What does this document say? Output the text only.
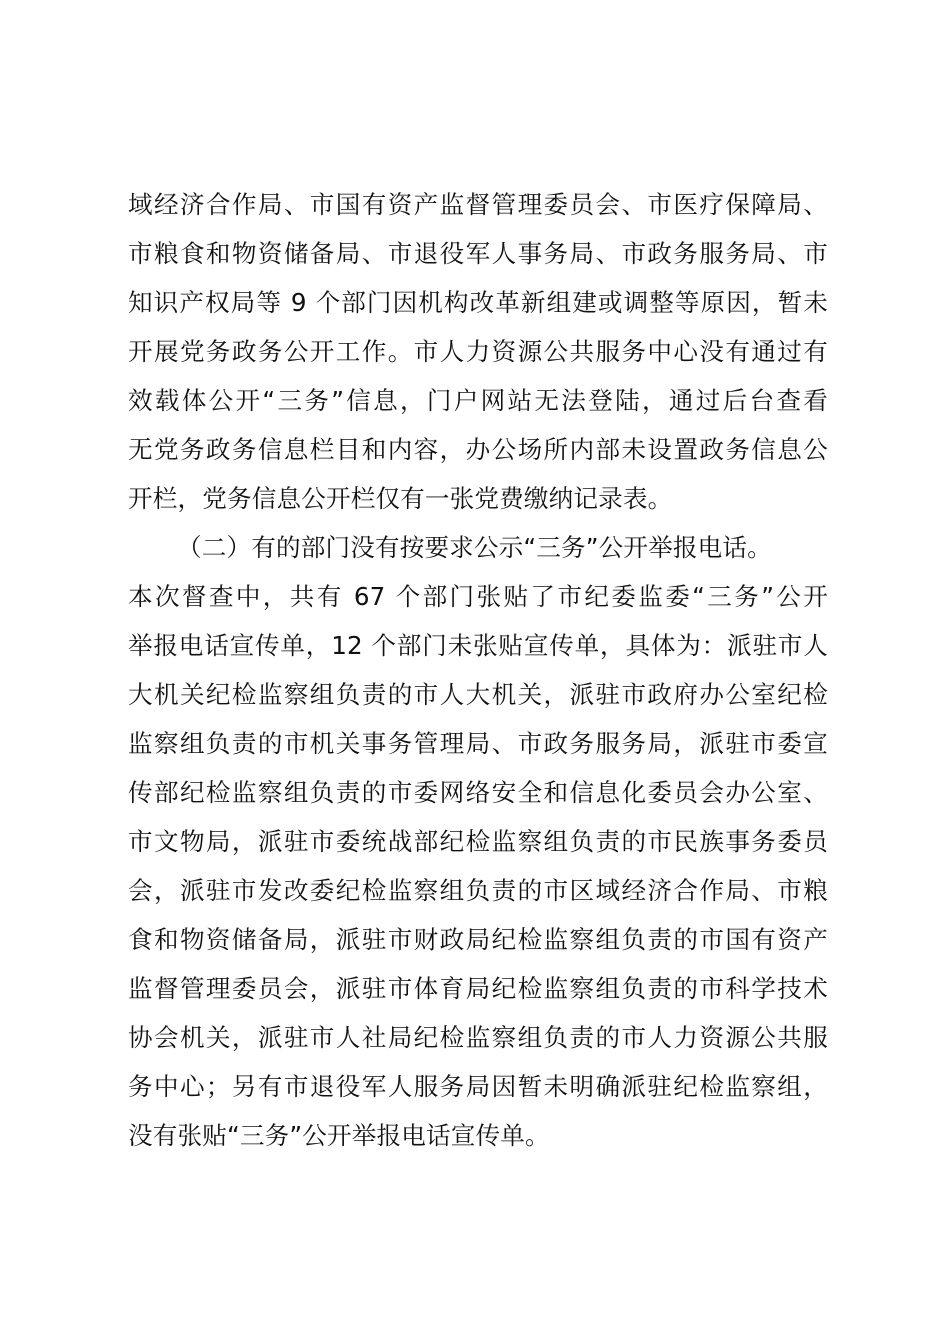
域经济合作局、市国有资产监督管理委员会、市医疗保障局、
市粮食和物资储备局、市退役军人事务局、市政务服务局、市
知识产权局等 9 个部门因机构改革新组建或调整等原因，暂未
开展党务政务公开工作。市人力资源公共服务中心没有通过有
效载体公开“三务”信息，门户网站无法登陆，通过后台查看
无党务政务信息栏目和内容，办公场所内部未设置政务信息公
开栏，党务信息公开栏仅有一张党费缴纳记录表。
（二）有的部门没有按要求公示“三务”公开举报电话。
本次督查中，共有 67 个部门张贴了市纪委监委“三务”公开
举报电话宣传单，12 个部门未张贴宣传单，具体为：派驻市人
大机关纪检监察组负责的市人大机关，派驻市政府办公室纪检
监察组负责的市机关事务管理局、市政务服务局，派驻市委宣
传部纪检监察组负责的市委网络安全和信息化委员会办公室、
市文物局，派驻市委统战部纪检监察组负责的市民族事务委员
会，派驻市发改委纪检监察组负责的市区域经济合作局、市粮
食和物资储备局，派驻市财政局纪检监察组负责的市国有资产
监督管理委员会，派驻市体育局纪检监察组负责的市科学技术
协会机关，派驻市人社局纪检监察组负责的市人力资源公共服
务中心；另有市退役军人服务局因暂未明确派驻纪检监察组，
没有张贴“三务”公开举报电话宣传单。
